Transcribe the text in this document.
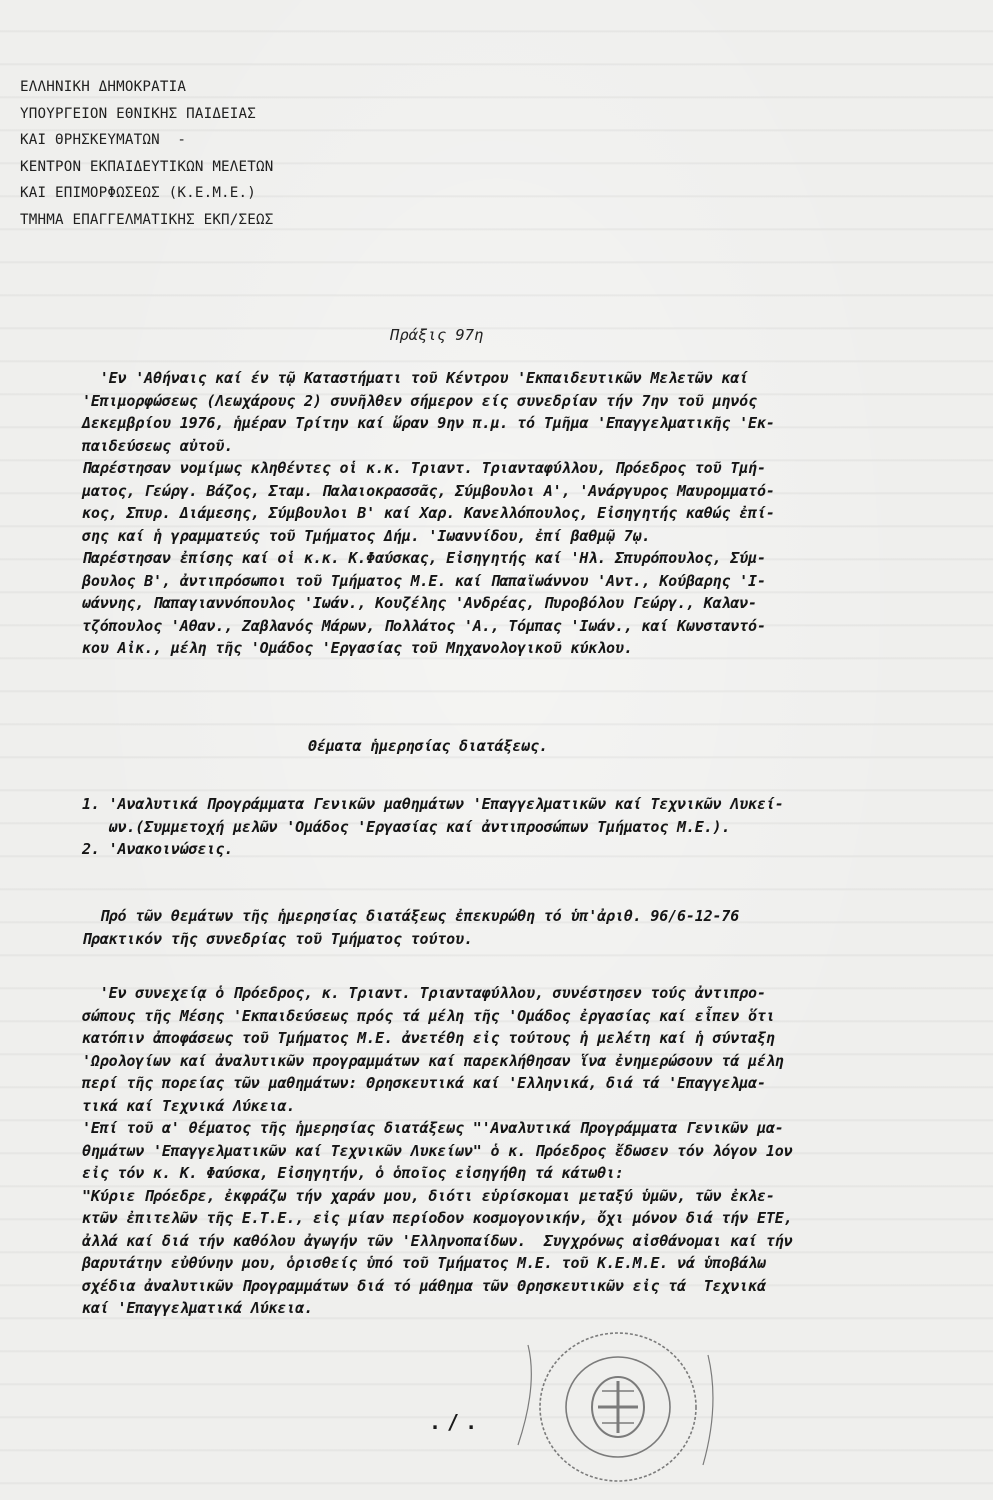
ΕΛΛΗΝΙΚΗ ΔΗΜΟΚΡΑΤΙΑ
ΥΠΟΥΡΓΕΙΟΝ ΕΘΝΙΚΗΣ ΠΑΙΔΕΙΑΣ
ΚΑΙ ΘΡΗΣΚΕΥΜΑΤΩΝ  -
ΚΕΝΤΡΟΝ ΕΚΠΑΙΔΕΥΤΙΚΩΝ ΜΕΛΕΤΩΝ
ΚΑΙ ΕΠΙΜΟΡΦΩΣΕΩΣ (Κ.Ε.Μ.Ε.)
ΤΜΗΜΑ ΕΠΑΓΓΕΛΜΑΤΙΚΗΣ ΕΚΠ/ΣΕΩΣ
Πράξις 97η
'Εν 'Αθήναις καί έν τῷ Καταστήματι τοῦ Κέντρου 'Εκπαιδευτικῶν Μελετῶν καί
'Επιμορφώσεως (Λεωχάρους 2) συνῆλθεν σήμερον είς συνεδρίαν τήν 7ην τοῦ μηνός
Δεκεμβρίου 1976, ἡμέραν Τρίτην καί ὥραν 9ην π.μ. τό Τμῆμα 'Επαγγελματικῆς 'Εκ-
παιδεύσεως αὐτοῦ.
Παρέστησαν νομίμως κληθέντες οἱ κ.κ. Τριαντ. Τριανταφύλλου, Πρόεδρος τοῦ Τμή-
ματος, Γεώργ. Βάζος, Σταμ. Παλαιοκρασσᾶς, Σύμβουλοι Α', 'Ανάργυρος Μαυρομματό-
κος, Σπυρ. Διάμεσης, Σύμβουλοι Β' καί Χαρ. Κανελλόπουλος, Εἰσηγητής καθώς ἐπί-
σης καί ἡ γραμματεύς τοῦ Τμήματος Δήμ. 'Ιωαννίδου, ἐπί βαθμῷ 7ῳ.
Παρέστησαν ἐπίσης καί οἱ κ.κ. Κ.Φαύσκας, Εἰσηγητής καί 'Ηλ. Σπυρόπουλος, Σύμ-
βουλος Β', ἀντιπρόσωποι τοῦ Τμήματος Μ.Ε. καί Παπαϊωάννου 'Αντ., Κούβαρης 'Ι-
ωάννης, Παπαγιαννόπουλος 'Ιωάν., Κουζέλης 'Ανδρέας, Πυροβόλου Γεώργ., Καλαν-
τζόπουλος 'Αθαν., Ζαβλανός Μάρων, Πολλάτος 'Α., Τόμπας 'Ιωάν., καί Κωνσταντό-
κου Αἰκ., μέλη τῆς 'Ομάδος 'Εργασίας τοῦ Μηχανολογικοῦ κύκλου.
Θέματα ἡμερησίας διατάξεως.
1. 'Αναλυτικά Προγράμματα Γενικῶν μαθημάτων 'Επαγγελματικῶν καί Τεχνικῶν Λυκεί-
ων.(Συμμετοχή μελῶν 'Ομάδος 'Εργασίας καί ἀντιπροσώπων Τμήματος Μ.Ε.).
2. 'Ανακοινώσεις.
Πρό τῶν θεμάτων τῆς ἡμερησίας διατάξεως ἐπεκυρώθη τό ὑπ'ἀριθ. 96/6-12-76
Πρακτικόν τῆς συνεδρίας τοῦ Τμήματος τούτου.
'Εν συνεχείᾳ ὁ Πρόεδρος, κ. Τριαντ. Τριανταφύλλου, συνέστησεν τούς ἀντιπρο-
σώπους τῆς Μέσης 'Εκπαιδεύσεως πρός τά μέλη τῆς 'Ομάδος ἐργασίας καί εἶπεν ὅτι
κατόπιν ἀποφάσεως τοῦ Τμήματος Μ.Ε. ἀνετέθη εἰς τούτους ἡ μελέτη καί ἡ σύνταξη
'Ωρολογίων καί ἀναλυτικῶν προγραμμάτων καί παρεκλήθησαν ἵνα ἐνημερώσουν τά μέλη
περί τῆς πορείας τῶν μαθημάτων: Θρησκευτικά καί 'Ελληνικά, διά τά 'Επαγγελμα-
τικά καί Τεχνικά Λύκεια.
'Επί τοῦ α' θέματος τῆς ἡμερησίας διατάξεως "'Αναλυτικά Προγράμματα Γενικῶν μα-
θημάτων 'Επαγγελματικῶν καί Τεχνικῶν Λυκείων" ὁ κ. Πρόεδρος ἔδωσεν τόν λόγον 1ον
εἰς τόν κ. Κ. Φαύσκα, Εἰσηγητήν, ὁ ὁποῖος εἰσηγήθη τά κάτωθι:
"Κύριε Πρόεδρε, ἐκφράζω τήν χαράν μου, διότι εὑρίσκομαι μεταξύ ὑμῶν, τῶν ἐκλε-
κτῶν ἐπιτελῶν τῆς Ε.Τ.Ε., εἰς μίαν περίοδον κοσμογονικήν, ὄχι μόνον διά τήν ΕΤΕ,
ἀλλά καί διά τήν καθόλου ἀγωγήν τῶν 'Ελληνοπαίδων.  Συγχρόνως αἰσθάνομαι καί τήν
βαρυτάτην εὐθύνην μου, ὁρισθείς ὑπό τοῦ Τμήματος Μ.Ε. τοῦ Κ.Ε.Μ.Ε. νά ὑποβάλω
σχέδια ἀναλυτικῶν Προγραμμάτων διά τό μάθημα τῶν Θρησκευτικῶν εἰς τά  Τεχνικά
καί 'Επαγγελματικά Λύκεια.
./.
